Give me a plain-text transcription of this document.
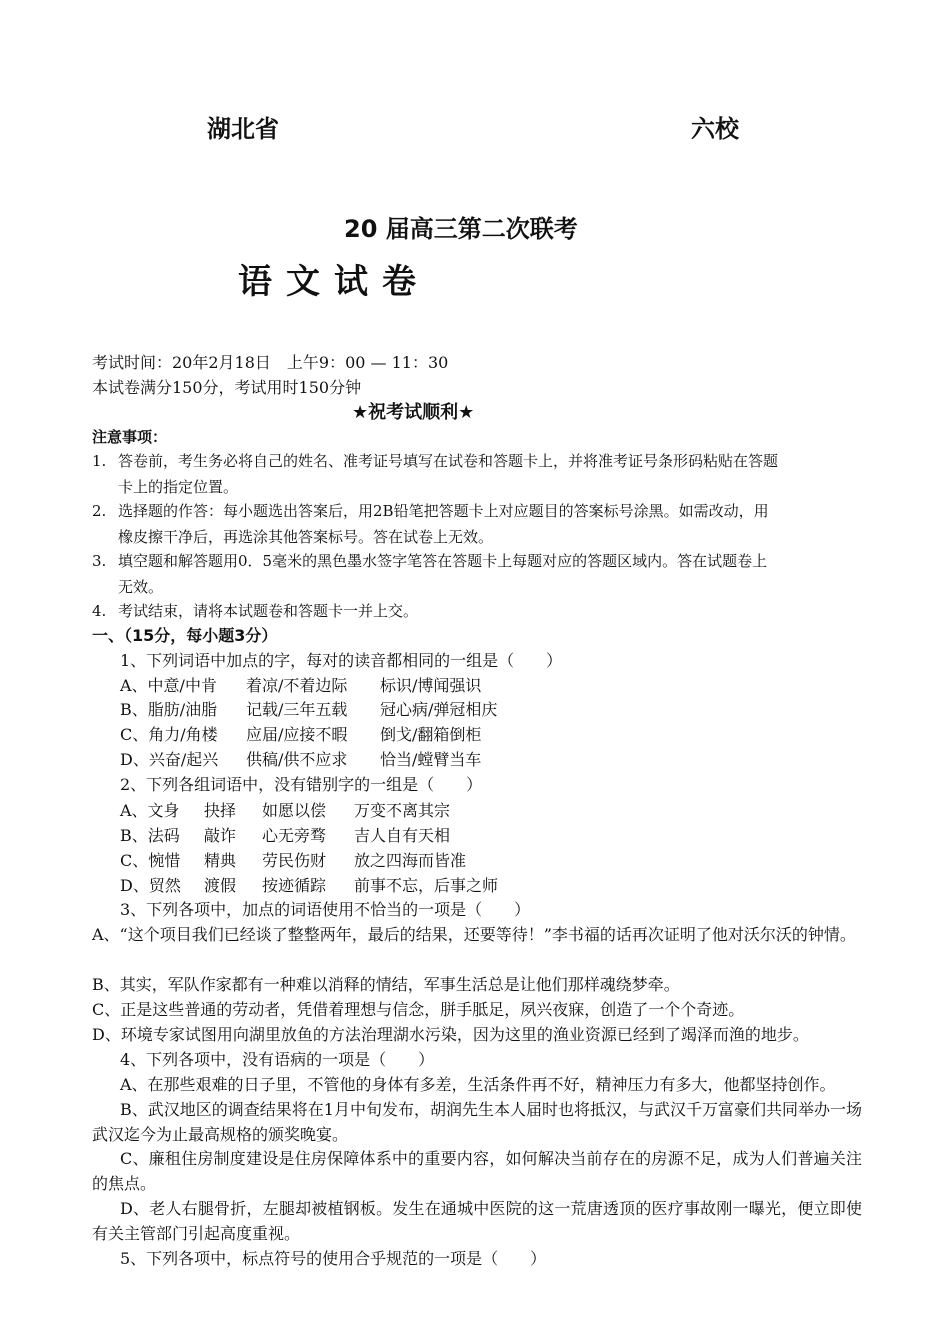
湖北省	六校
20 届高三第二次联考
语文试卷
考试时间：20年2月18日　上午9：00 — 11：30
本试卷满分150分，考试用时150分钟
★祝考试顺利★
注意事项：
1. 答卷前，考生务必将自己的姓名、准考证号填写在试卷和答题卡上，并将准考证号条形码粘贴在答题
卡上的指定位置。
2. 选择题的作答：每小题选出答案后，用2B铅笔把答题卡上对应题目的答案标号涂黑。如需改动，用
橡皮擦干净后，再选涂其他答案标号。答在试卷上无效。
3. 填空题和解答题用0．5毫米的黑色墨水签字笔答在答题卡上每题对应的答题区域内。答在试题卷上
无效。
4. 考试结束，请将本试题卷和答题卡一并上交。
一、（15分，每小题3分）
1、下列词语中加点的字，每对的读音都相同的一组是（　　）
A、中意/中肯 着凉/不着边际 标识/博闻强识
B、脂肪/油脂 记载/三年五载 冠心病/弹冠相庆
C、角力/角楼 应届/应接不暇 倒戈/翻箱倒柜
D、兴奋/起兴 供稿/供不应求 恰当/螳臂当车
2、下列各组词语中，没有错别字的一组是（　　）
A、文身 抉择 如愿以偿 万变不离其宗
B、法码 敲诈 心无旁骛 吉人自有天相
C、惋惜 精典 劳民伤财 放之四海而皆准
D、贸然 渡假 按迹循踪 前事不忘，后事之师
3、下列各项中，加点的词语使用不恰当的一项是（　　）
A、“这个项目我们已经谈了整整两年，最后的结果，还要等待！”李书福的话再次证明了他对沃尔沃的钟情。
B、其实，军队作家都有一种难以消释的情结，军事生活总是让他们那样魂绕梦牵。
C、正是这些普通的劳动者，凭借着理想与信念，胼手胝足，夙兴夜寐，创造了一个个奇迹。
D、环境专家试图用向湖里放鱼的方法治理湖水污染，因为这里的渔业资源已经到了竭泽而渔的地步。
4、下列各项中，没有语病的一项是（　　）
A、在那些艰难的日子里，不管他的身体有多差，生活条件再不好，精神压力有多大，他都坚持创作。
B、武汉地区的调查结果将在1月中旬发布，胡润先生本人届时也将抵汉，与武汉千万富豪们共同举办一场武汉迄今为止最高规格的颁奖晚宴。
C、廉租住房制度建设是住房保障体系中的重要内容，如何解决当前存在的房源不足，成为人们普遍关注的焦点。
D、老人右腿骨折，左腿却被植钢板。发生在通城中医院的这一荒唐透顶的医疗事故刚一曝光，便立即使有关主管部门引起高度重视。
5、下列各项中，标点符号的使用合乎规范的一项是（　　）
